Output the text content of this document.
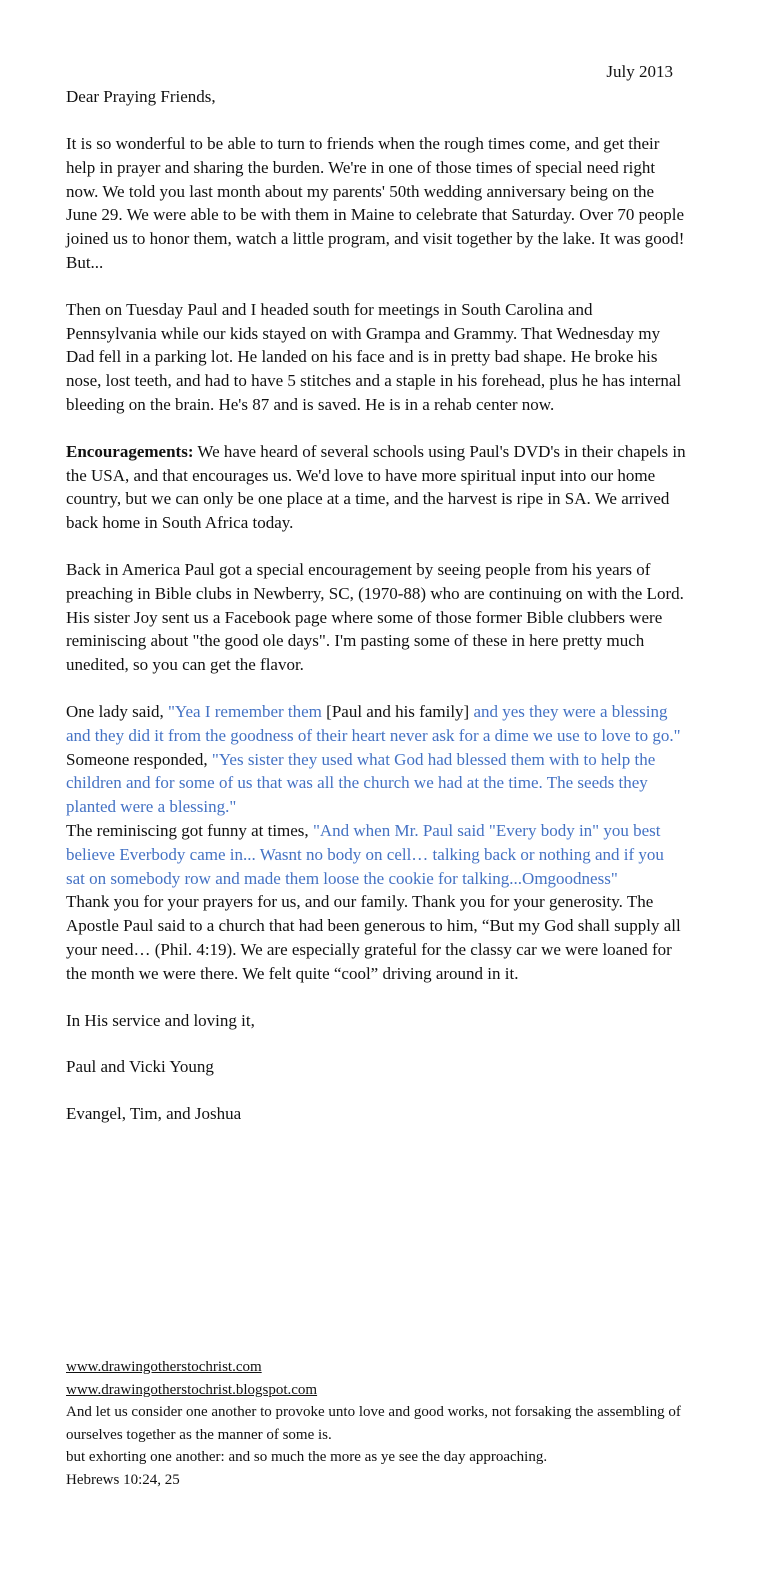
July 2013
Dear Praying Friends,

It is so wonderful to be able to turn to friends when the rough times come, and get their help in prayer and sharing the burden. We're in one of those times of special need right now. We told you last month about my parents' 50th wedding anniversary being on the June 29. We were able to be with them in Maine to celebrate that Saturday. Over 70 people joined us to honor them, watch a little program, and visit together by the lake. It was good! But...

Then on Tuesday Paul and I headed south for meetings in South Carolina and Pennsylvania while our kids stayed on with Grampa and Grammy. That Wednesday my Dad fell in a parking lot. He landed on his face and is in pretty bad shape. He broke his nose, lost teeth, and had to have 5 stitches and a staple in his forehead, plus he has internal bleeding on the brain. He's 87 and is saved. He is in a rehab center now.

Encouragements: We have heard of several schools using Paul's DVD's in their chapels in the USA, and that encourages us. We'd love to have more spiritual input into our home country, but we can only be one place at a time, and the harvest is ripe in SA. We arrived back home in South Africa today.

Back in America Paul got a special encouragement by seeing people from his years of preaching in Bible clubs in Newberry, SC, (1970-88) who are continuing on with the Lord. His sister Joy sent us a Facebook page where some of those former Bible clubbers were reminiscing about "the good ole days". I'm pasting some of these in here pretty much unedited, so you can get the flavor.

One lady said, "Yea I remember them [Paul and his family] and yes they were a blessing and they did it from the goodness of their heart never ask for a dime we use to love to go."

Someone responded, "Yes sister they used what God had blessed them with to help the children and for some of us that was all the church we had at the time. The seeds they planted were a blessing."

The reminiscing got funny at times, "And when Mr. Paul said "Every body in" you best believe Everbody came in... Wasnt no body on cell… talking back or nothing and if you sat on somebody row and made them loose the cookie for talking...Omgoodness"

Thank you for your prayers for us, and our family. Thank you for your generosity. The Apostle Paul said to a church that had been generous to him, “But my God shall supply all your need… (Phil. 4:19). We are especially grateful for the classy car we were loaned for the month we were there. We felt quite “cool” driving around in it.

In His service and loving it,

Paul and Vicki Young

Evangel, Tim, and Joshua

www.drawingotherstochrist.com
www.drawingotherstochrist.blogspot.com
And let us consider one another to provoke unto love and good works, not forsaking the assembling of ourselves together as the manner of some is.
but exhorting one another: and so much the more as ye see the day approaching.
Hebrews 10:24, 25
